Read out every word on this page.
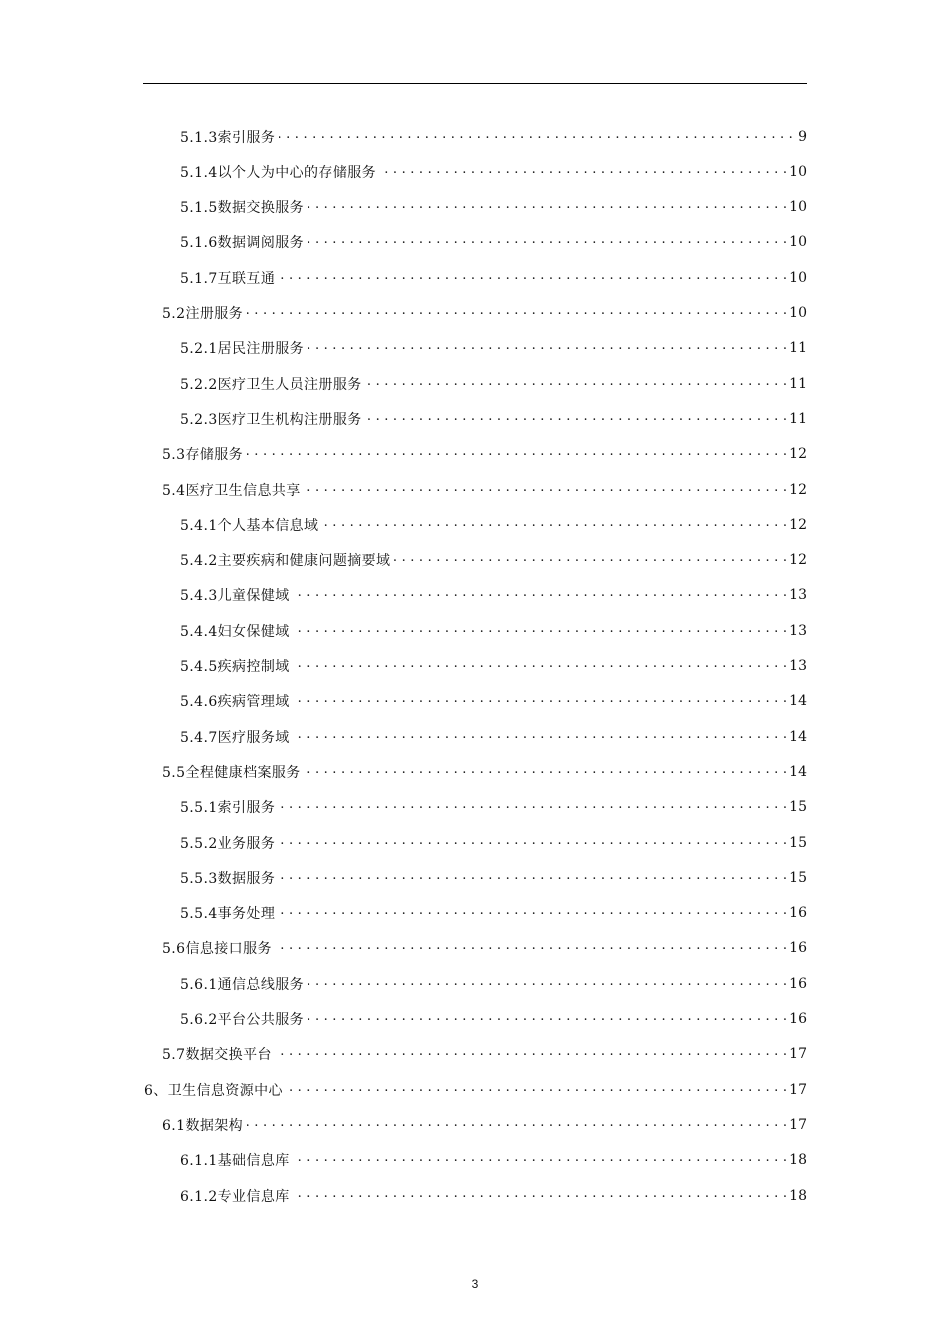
5.1.3索引服务 . . .	9
5.1.4以个人为中心的存储服务 . . .	10
5.1.5数据交换服务 . . .	10
5.1.6数据调阅服务 . . .	10
5.1.7互联互通 . . .	10
5.2注册服务 . . .	10
5.2.1居民注册服务 . . .	11
5.2.2医疗卫生人员注册服务 . . .	11
5.2.3医疗卫生机构注册服务 . . .	11
5.3存储服务 . . .	12
5.4医疗卫生信息共享 . . .	12
5.4.1个人基本信息域 . . .	12
5.4.2主要疾病和健康问题摘要域 . . .	12
5.4.3儿童保健域 . . .	13
5.4.4妇女保健域 . . .	13
5.4.5疾病控制域 . . .	13
5.4.6疾病管理域 . . .	14
5.4.7医疗服务域 . . .	14
5.5全程健康档案服务 . . .	14
5.5.1索引服务 . . .	15
5.5.2业务服务 . . .	15
5.5.3数据服务 . . .	15
5.5.4事务处理 . . .	16
5.6信息接口服务 . . .	16
5.6.1通信总线服务 . . .	16
5.6.2平台公共服务 . . .	16
5.7数据交换平台 . . .	17
6、卫生信息资源中心 . . .	17
6.1数据架构 . . .	17
6.1.1基础信息库 . . .	18
6.1.2专业信息库 . . .	18
3
